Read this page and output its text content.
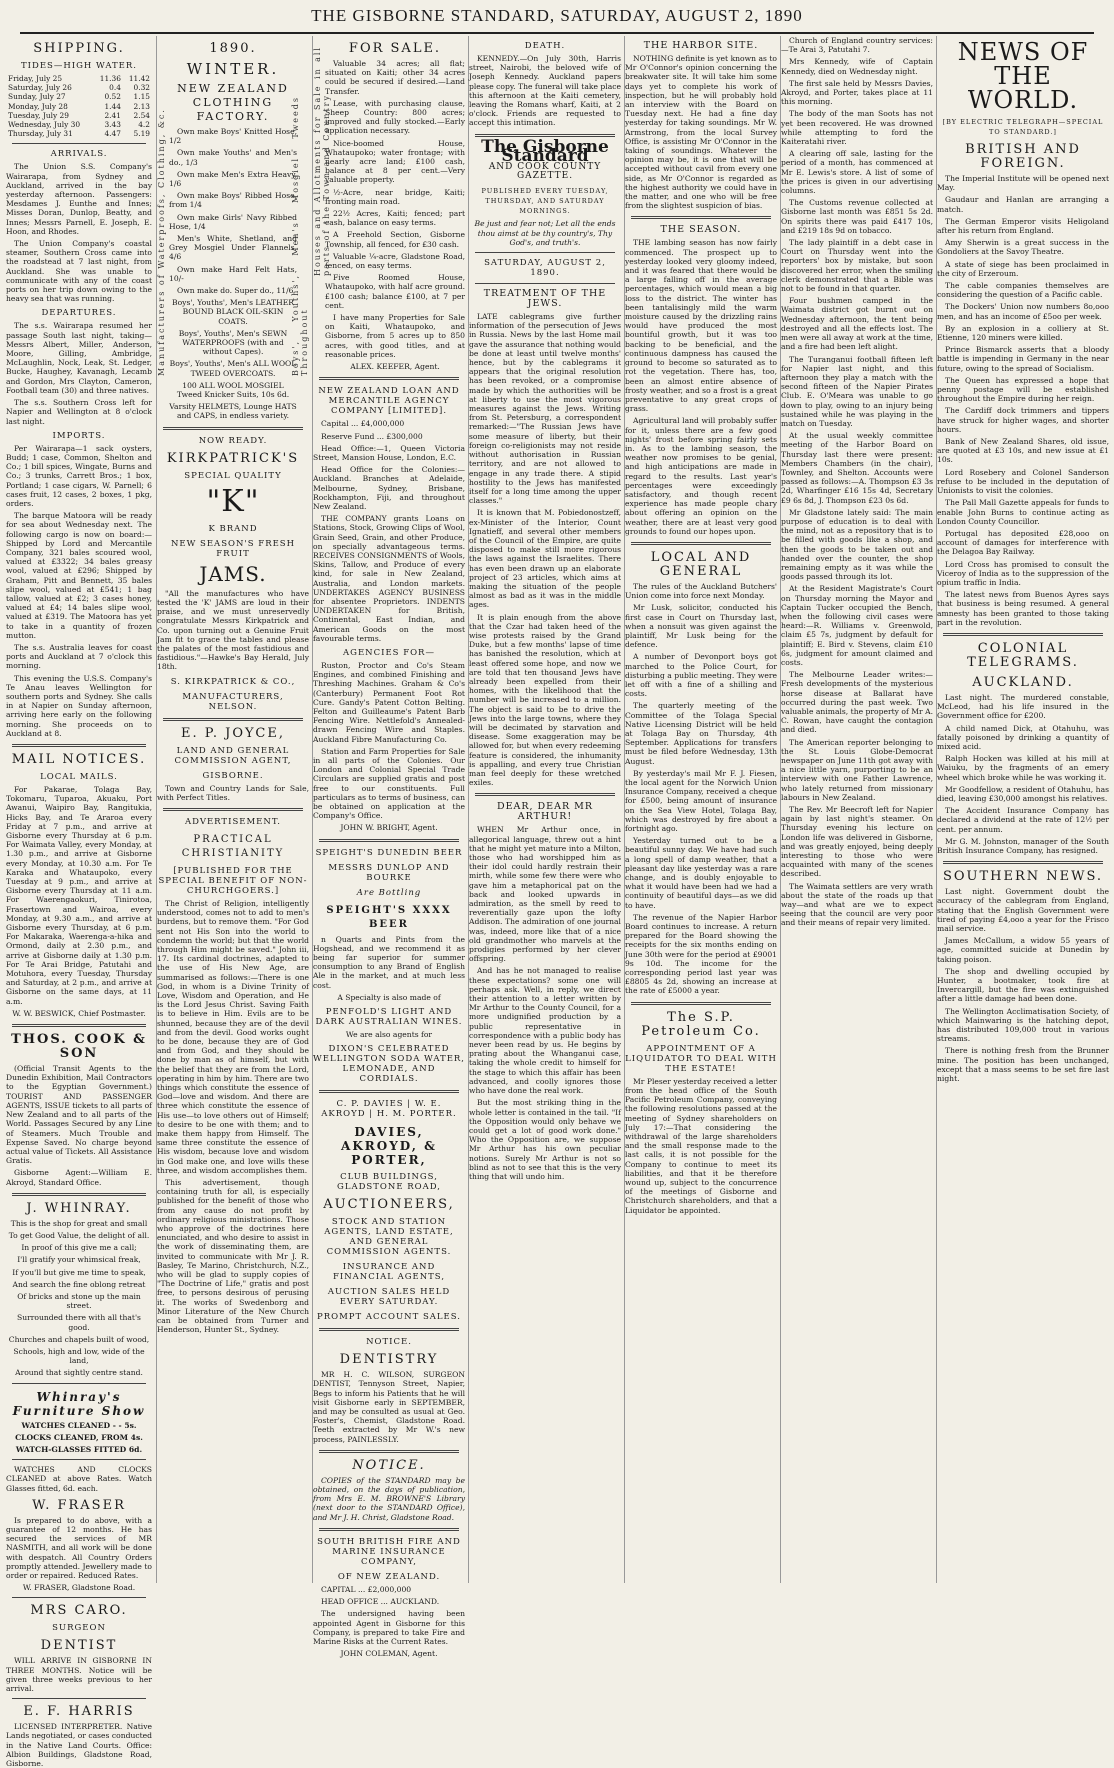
THE GISBORNE STANDARD, SATURDAY, AUGUST 2, 1890
SHIPPING.
TIDES—HIGH WATER.
Friday, July 25	11.36	11.42
Saturday, July 26	0.4	0.32
Sunday, July 27	0.52	1.15
Monday, July 28	1.44	2.13
Tuesday, July 29	2.41	2.54
Wednesday, July 30	3.43	4.2
Thursday, July 31	4.47	5.19
ARRIVALS.

The Union S.S. Company's Wairarapa, from Sydney and Auckland, arrived in the bay yesterday afternoon. Passengers: Mesdames J. Eunthe and Innes; Misses Doran, Dunlop, Beatty, and Innes; Messrs Parnell, E. Joseph, E. Hoon, and Rhodes.

The Union Company's coastal steamer, Southern Cross came into the roadstead at 7 last night, from Auckland. She was unable to communicate with any of the coast ports on her trip down owing to the heavy sea that was running.

DEPARTURES.

The s.s. Wairarapa resumed her passage South last night, taking—Messrs Albert, Miller, Anderson, Moore, Gilling, Ambridge, McLaughlin, Nock, Leak, St. Ledger, Bucke, Haughey, Kavanagh, Lecamb and Gordon, Mrs Clayton, Cameron, Football team (30) and three natives.

The s.s. Southern Cross left for Napier and Wellington at 8 o'clock last night.

IMPORTS.

Per Wairarapa—1 sack oysters, Budd; 1 case, Common, Shelton and Co.; 1 bill spices, Wingate, Burns and Co.; 3 trunks, Carrett Bros.; 1 box, Portland; 1 case cigars, W. Parnell; 6 cases fruit, 12 cases, 2 boxes, 1 pkg, orders.

The barque Matoora will be ready for sea about Wednesday next. The following cargo is now on board:—Shipped by Lord and Mercantile Company, 321 bales scoured wool, valued at £3322; 34 bales greasy wool, valued at £296; Shipped by Graham, Pitt and Bennett, 35 bales slipe wool, valued at £541; 1 bag tallow, valued at £2; 3 cases honey, valued at £4; 14 bales slipe wool, valued at £319. The Matoora has yet to take in a quantity of frozen mutton.

The s.s. Australia leaves for coast ports and Auckland at 7 o'clock this morning.

This evening the U.S.S. Company's Te Anau leaves Wellington for southern ports and Sydney. She calls in at Napier on Sunday afternoon, arriving here early on the following morning. She proceeds on to Auckland at 8.

MAIL NOTICES.
LOCAL MAILS.

For Pakarae, Tolaga Bay, Tokomaru, Tuparoa, Akuaku, Port Awanui, Waipiro Bay, Rangitukia, Hicks Bay, and Te Araroa every Friday at 7 p.m., and arrive at Gisborne every Thursday at 6 p.m. For Waimata Valley, every Monday, at 1.30 p.m., and arrive at Gisborne every Monday, at 10.30 a.m. For Te Karaka and Whataupoko, every Tuesday at 9 p.m., and arrive at Gisborne every Thursday at 11 a.m. For Waerengaokuri, Tinirotoa, Frasertown and Wairoa, every Monday, at 9.30 a.m., and arrive at Gisborne every Thursday, at 6 p.m. For Makaraka, Waerenga-a-hika and Ormond, daily at 2.30 p.m., and arrive at Gisborne daily at 1.30 p.m. For Te Arai Bridge, Patutahi and Motuhora, every Tuesday, Thursday and Saturday, at 2 p.m., and arrive at Gisborne on the same days, at 11 a.m.

W. W. BESWICK, Chief Postmaster.

THOS. COOK & SON

(Official Transit Agents to the Dunedin Exhibition, Mail Contractors to the Egyptian Government.) TOURIST AND PASSENGER AGENTS, ISSUE tickets to all parts of New Zealand and to all parts of the World. Passages Secured by any Line of Steamers. Much Trouble and Expense Saved. No charge beyond actual value of Tickets. All Assistance Gratis.

Gisborne Agent:—William E. Akroyd, Standard Office.

J. WHINRAY.

This is the shop for great and small

To get Good Value, the delight of all.

In proof of this give me a call;

I'll gratify your whimsical freak,

If you'll but give me time to speak,

And search the fine oblong retreat

Of bricks and stone up the main street.

Surrounded there with all that's good.

Churches and chapels built of wood,

Schools, high and low, wide of the land,

Around that sightly centre stand.

Whinray's Furniture Show

WATCHES CLEANED - - 5s.

CLOCKS CLEANED, FROM 4s.

WATCH-GLASSES FITTED 6d.

WATCHES AND CLOCKS CLEANED at above Rates. Watch Glasses fitted, 6d. each.

W. FRASER

Is prepared to do above, with a guarantee of 12 months. He has secured the services of MR NASMITH, and all work will be done with despatch. All Country Orders promptly attended. Jewellery made to order or repaired. Reduced Rates.

W. FRASER, Gladstone Road.

MRS CARO.
SURGEON
DENTIST

WILL ARRIVE IN GISBORNE IN THREE MONTHS. Notice will be given three weeks previous to her arrival.

E. F. HARRIS

LICENSED INTERPRETER. Native Lands negotiated, or cases conducted in the Native Land Courts. Office: Albion Buildings, Gladstone Road, Gisborne.

Manufacturers of Waterproofs, Clothing, &c.	Boys', Youths', Men's Mosgiel Tweeds Throughout
1890.
WINTER.
NEW ZEALAND CLOTHING FACTORY.

Own make Boys' Knitted Hose, 1/2

Own make Youths' and Men's do., 1/3

Own make Men's Extra Heavy, 1/6

Own make Boys' Ribbed Hose, from 1/4

Own make Girls' Navy Ribbed Hose, 1/4

Men's White, Shetland, and Grey Mosgiel Under Flannels, 4/6

Own make Hard Felt Hats, 10/-

Own make do. Super do., 11/6

Boys', Youths', Men's LEATHER BOUND BLACK OIL-SKIN COATS.

Boys', Youths', Men's SEWN WATERPROOFS (with and without Capes).

Boys', Youths', Men's ALL WOOL TWEED OVERCOATS.

100 ALL WOOL MOSGIEL Tweed Knicker Suits, 10s 6d.

Varsity HELMETS, Lounge HATS and CAPS, in endless variety.

NOW READY.
KIRKPATRICK'S
SPECIAL QUALITY
"K"
K BRAND
NEW SEASON'S FRESH FRUIT
JAMS.

"All the manufactures who have tested the 'K' JAMS are loud in their praise, and we must unreservedly congratulate Messrs Kirkpatrick and Co. upon turning out a Genuine Fruit Jam fit to grace the tables and please the palates of the most fastidious and fastidious."—Hawke's Bay Herald, July 18th.

S. KIRKPATRICK & CO.,
MANUFACTURERS, NELSON.
E. P. JOYCE,
LAND AND GENERAL COMMISSION AGENT,
GISBORNE.

Town and Country Lands for Sale, with Perfect Titles.

ADVERTISEMENT.
PRACTICAL CHRISTIANITY
[PUBLISHED FOR THE SPECIAL BENEFIT OF NON-CHURCHGOERS.]

The Christ of Religion, intelligently understood, comes not to add to men's burdens, but to remove them. "For God sent not His Son into the world to condemn the world; but that the world through Him might be saved." John iii, 17. Its cardinal doctrines, adapted to the use of His New Age, are summarised as follows:—There is one God, in whom is a Divine Trinity of Love, Wisdom and Operation, and He is the Lord Jesus Christ. Saving Faith is to believe in Him. Evils are to be shunned, because they are of the devil and from the devil. Good works ought to be done, because they are of God and from God, and they should be done by man as of himself, but with the belief that they are from the Lord, operating in him by him. There are two things which constitute the essence of God—love and wisdom. And there are three which constitute the essence of His use—to love others out of Himself; to desire to be one with them; and to make them happy from Himself. The same three constitute the essence of His wisdom, because love and wisdom in God make one, and love wills these three, and wisdom accomplishes them.

This advertisement, though containing truth for all, is especially published for the benefit of those who from any cause do not profit by ordinary religious ministrations. Those who approve of the doctrines here enunciated, and who desire to assist in the work of disseminating them, are invited to communicate with Mr J. R. Basley, Te Marino, Christchurch, N.Z., who will be glad to supply copies of "The Doctrine of Life," gratis and post free, to persons desirous of perusing it. The works of Swedenborg and Minor Literature of the New Church can be obtained from Turner and Henderson, Hunter St., Sydney.

Houses and Allotments for Sale in all parts of the Town and Country
FOR SALE.

Valuable 34 acres; all flat; situated on Kaiti; other 34 acres could be secured if desired.—Land Transfer.

Lease, with purchasing clause, Sheep Country: 800 acres; improved and fully stocked.—Early application necessary.

Nice-boomed House, Whataupoko; water frontage; with nearly acre land; £100 cash, balance at 8 per cent.—Very valuable property.

½-Acre, near bridge, Kaiti; fronting main road.

22½ Acres, Kaiti; fenced; part cash, balance on easy terms.

A Freehold Section, Gisborne Township, all fenced, for £30 cash.

Valuable ¼-acre, Gladstone Road, fenced, on easy terms.

Five Roomed House, Whataupoko, with half acre ground. £100 cash; balance £100, at 7 per cent.

I have many Properties for Sale on Kaiti, Whataupoko, and Gisborne, from 5 acres up to 850 acres, with good titles, and at reasonable prices.

ALEX. KEEFER, Agent.

NEW ZEALAND LOAN AND MERCANTILE AGENCY COMPANY [LIMITED].

Capital ... £4,000,000

Reserve Fund ... £300,000

Head Office:—1, Queen Victoria Street, Mansion House, London, E.C.

Head Office for the Colonies:—Auckland. Branches at Adelaide, Melbourne, Sydney, Brisbane, Rockhampton, Fiji, and throughout New Zealand.

THE COMPANY grants Loans on Stations, Stock, Growing Clips of Wool, Grain Seed, Grain, and other Produce, on specially advantageous terms. RECEIVES CONSIGNMENTS of Wools, Skins, Tallow, and Produce of every kind, for sale in New Zealand, Australia, and London markets. UNDERTAKES AGENCY BUSINESS for absentee Proprietors. INDENTS UNDERTAKEN for British, Continental, East Indian, and American Goods on the most favourable terms.

AGENCIES FOR—

Ruston, Proctor and Co's Steam Engines, and combined Finishing and Threshing Machines. Graham & Co's (Canterbury) Permanent Foot Rot Cure. Gandy's Patent Cotton Belting. Felton and Guilleaume's Patent Barb Fencing Wire. Nettlefold's Annealed-drawn Fencing Wire and Staples. Auckland Fibre Manufacturing Co.

Station and Farm Properties for Sale in all parts of the Colonies. Our London and Colonial Special Trade Circulars are supplied gratis and post free to our constituents. Full particulars as to terms of business, can be obtained on application at the Company's Office.

JOHN W. BRIGHT, Agent.

SPEIGHT'S DUNEDIN BEER
MESSRS DUNLOP AND BOURKE
Are Bottling
SPEIGHT'S XXXX BEER

n Quarts and Pints from the Hogshead, and we recommend it as being far superior for summer consumption to any Brand of English Ale in the market, and at much less cost.

A Specialty is also made of

PENFOLD'S LIGHT AND DARK AUSTRALIAN WINES.

We are also agents for

DIXON'S CELEBRATED WELLINGTON SODA WATER, LEMONADE, AND CORDIALS.
C. P. DAVIES | W. E. AKROYD | H. M. PORTER.
DAVIES, AKROYD, & PORTER,
CLUB BUILDINGS, GLADSTONE ROAD,
AUCTIONEERS,
STOCK AND STATION AGENTS, LAND ESTATE, AND GENERAL COMMISSION AGENTS.
INSURANCE AND FINANCIAL AGENTS,
AUCTION SALES HELD EVERY SATURDAY.
PROMPT ACCOUNT SALES.
NOTICE.
DENTISTRY

MR H. C. WILSON, SURGEON DENTIST, Tennyson Street, Napier, Begs to inform his Patients that he will visit Gisborne early in SEPTEMBER, and may be consulted as usual at Geo. Foster's, Chemist, Gladstone Road. Teeth extracted by Mr W.'s new process, PAINLESSLY.

NOTICE.

COPIES of the STANDARD may be obtained, on the days of publication, from Mrs E. M. BROWNE'S Library (next door to the STANDARD Office), and Mr J. H. Christ, Gladstone Road.

SOUTH BRITISH FIRE AND MARINE INSURANCE COMPANY,
OF NEW ZEALAND.

CAPITAL ... £2,000,000

HEAD OFFICE ... AUCKLAND.

The undersigned having been appointed Agent in Gisborne for this Company, is prepared to take Fire and Marine Risks at the Current Rates.

JOHN COLEMAN, Agent.

DEATH.

KENNEDY.—On July 30th, Harris street, Nairobi, the beloved wife of Joseph Kennedy. Auckland papers please copy. The funeral will take place this afternoon at the Kaiti cemetery, leaving the Romans wharf, Kaiti, at 2 o'clock. Friends are requested to accept this intimation.

The Gisborne Standard
AND COOK COUNTY GAZETTE.
PUBLISHED EVERY TUESDAY, THURSDAY, AND SATURDAY MORNINGS.

Be just and fear not; Let all the ends thou aimst at be thy country's, Thy God's, and truth's.

SATURDAY, AUGUST 2, 1890.
TREATMENT OF THE JEWS.

LATE cablegrams give further information of the persecution of Jews in Russia. News by the last Home mail gave the assurance that nothing would be done at least until twelve months' hence, but by the cablegrams it appears that the original resolution has been revoked, or a compromise made by which the authorities will be at liberty to use the most vigorous measures against the Jews. Writing from St. Petersburg, a correspondent remarked:—"The Russian Jews have some measure of liberty, but their foreign co-religionists may not reside without authorisation in Russian territory, and are not allowed to engage in any trade there. A stipid hostility to the Jews has manifested itself for a long time among the upper classes."

It is known that M. Pobiedonostzeff, ex-Minister of the Interior, Count Ignatieff, and several other members of the Council of the Empire, are quite disposed to make still more rigorous the laws against the Israelites. There has even been drawn up an elaborate project of 23 articles, which aims at making the situation of the people almost as bad as it was in the middle ages.

It is plain enough from the above that the Czar had taken heed of the wise protests raised by the Grand Duke, but a few months' lapse of time has banished the resolution, which at least offered some hope, and now we are told that ten thousand Jews have already been expelled from their homes, with the likelihood that the number will be increased to a million. The object is said to be to drive the Jews into the large towns, where they will be decimated by starvation and disease. Some exaggeration may be allowed for, but when every redeeming feature is considered, the inhumanity is appalling, and every true Christian man feel deeply for these wretched exiles.

DEAR, DEAR MR ARTHUR!

WHEN Mr Arthur once, in allegorical language, threw out a hint that he might yet mature into a Milton, those who had worshipped him as their idol could hardly restrain their mirth, while some few there were who gave him a metaphorical pat on the back and looked upwards in admiration, as the smell by reed to reverentially gaze upon the lofty Addison. The admiration of one journal was, indeed, more like that of a nice old grandmother who marvels at the prodigies performed by her clever offspring.

And has he not managed to realise these expectations? some one will perhaps ask. Well, in reply, we direct their attention to a letter written by Mr Arthur to the County Council, for a more undignified production by a public representative in correspondence with a public body has never been read by us. He begins by prating about the Whanganui case, taking the whole credit to himself for the stage to which this affair has been advanced, and coolly ignores those who have done the real work.

But the most striking thing in the whole letter is contained in the tail. "If the Opposition would only behave we could get a lot of good work done." Who the Opposition are, we suppose Mr Arthur has his own peculiar notions. Surely Mr Arthur is not so blind as not to see that this is the very thing that will undo him.

THE HARBOR SITE.

NOTHING definite is yet known as to Mr O'Connor's opinion concerning the breakwater site. It will take him some days yet to complete his work of inspection, but he will probably hold an interview with the Board on Tuesday next. He had a fine day yesterday for taking soundings. Mr W. Armstrong, from the local Survey Office, is assisting Mr O'Connor in the taking of soundings. Whatever the opinion may be, it is one that will be accepted without cavil from every one side, as Mr O'Connor is regarded as the highest authority we could have in the matter, and one who will be free from the slightest suspicion of bias.

THE SEASON.

THE lambing season has now fairly commenced. The prospect up to yesterday looked very gloomy indeed, and it was feared that there would be a large falling off in the average percentages, which would mean a big loss to the district. The winter has been tantalisingly mild the warm moisture caused by the drizzling rains would have produced the most bountiful growth, but it was too backing to be beneficial, and the continuous dampness has caused the ground to become so saturated as to rot the vegetation. There has, too, been an almost entire absence of frosty weather, and so a frost is a great preventative to any great crops of grass.

Agricultural land will probably suffer for it, unless there are a few good nights' frost before spring fairly sets in. As to the lambing season, the weather now promises to be genial, and high anticipations are made in regard to the results. Last year's percentages were exceedingly satisfactory, and though recent experience has made people chary about offering an opinion on the weather, there are at least very good grounds to found our hopes upon.

LOCAL AND GENERAL

The rules of the Auckland Butchers' Union come into force next Monday.

Mr Lusk, solicitor, conducted his first case in Court on Thursday last, when a nonsuit was given against the plaintiff, Mr Lusk being for the defence.

A number of Devonport boys got marched to the Police Court, for disturbing a public meeting. They were let off with a fine of a shilling and costs.

The quarterly meeting of the Committee of the Tolaga Special Native Licensing District will be held at Tolaga Bay on Thursday, 4th September. Applications for transfers must be filed before Wednesday, 13th August.

By yesterday's mail Mr F. J. Fiesen, the local agent for the Norwich Union Insurance Company, received a cheque for £500, being amount of insurance on the Sea View Hotel, Tolaga Bay, which was destroyed by fire about a fortnight ago.

Yesterday turned out to be a beautiful sunny day. We have had such a long spell of damp weather, that a pleasant day like yesterday was a rare change, and is doubly enjoyable to what it would have been had we had a continuity of beautiful days—as we did to have.

The revenue of the Napier Harbor Board continues to increase. A return prepared for the Board showing the receipts for the six months ending on June 30th were for the period at £9001 9s 10d. The income for the corresponding period last year was £8805 4s 2d, showing an increase at the rate of £5000 a year.

The S.P. Petroleum Co.
APPOINTMENT OF A LIQUIDATOR TO DEAL WITH THE ESTATE!

Mr Pleser yesterday received a letter from the head office of the South Pacific Petroleum Company, conveying the following resolutions passed at the meeting of Sydney shareholders on July 17:—That considering the withdrawal of the large shareholders and the small response made to the last calls, it is not possible for the Company to continue to meet its liabilities, and that it be therefore wound up, subject to the concurrence of the meetings of Gisborne and Christchurch shareholders, and that a Liquidator be appointed.

Church of England country services:—Te Arai 3, Patutahi 7.

Mrs Kennedy, wife of Captain Kennedy, died on Wednesday night.

The first sale held by Messrs Davies, Akroyd, and Porter, takes place at 11 this morning.

The body of the man Soots has not yet been recovered. He was drowned while attempting to ford the Kaiteratahi river.

A clearing off sale, lasting for the period of a month, has commenced at Mr E. Lewis's store. A list of some of the prices is given in our advertising columns.

The Customs revenue collected at Gisborne last month was £851 5s 2d. On spirits there was paid £417 10s, and £219 18s 9d on tobacco.

The lady plaintiff in a debt case in Court on Thursday went into the reporters' box by mistake, but soon discovered her error, when the smiling clerk demonstrated that a Bible was not to be found in that quarter.

Four bushmen camped in the Waimata district got burnt out on Wednesday afternoon, the tent being destroyed and all the effects lost. The men were all away at work at the time, and a fire had been left alight.

The Turanganui football fifteen left for Napier last night, and this afternoon they play a match with the second fifteen of the Napier Pirates Club. E. O'Meara was unable to go down to play, owing to an injury being sustained while he was playing in the match on Tuesday.

At the usual weekly committee meeting of the Harbor Board on Thursday last there were present: Members Chambers (in the chair), Townley, and Shelton. Accounts were passed as follows:—A. Thompson £3 3s 2d, Wharfinger £16 15s 4d, Secretary £9 6s 8d, J. Thompson £23 0s 6d.

Mr Gladstone lately said: The main purpose of education is to deal with the mind, not as a repository that is to be filled with goods like a shop, and then the goods to be taken out and handed over the counter, the shop remaining empty as it was while the goods passed through its lot.

At the Resident Magistrate's Court on Thursday morning the Mayor and Captain Tucker occupied the Bench, when the following civil cases were heard:—R. Williams v. Greenwold, claim £5 7s, judgment by default for plaintiff; E. Bird v. Stevens, claim £10 6s, judgment for amount claimed and costs.

The Melbourne Leader writes:—Fresh developments of the mysterious horse disease at Ballarat have occurred during the past week. Two valuable animals, the property of Mr A. C. Rowan, have caught the contagion and died.

The American reporter belonging to the St. Louis Globe-Democrat newspaper on June 11th got away with a nice little yarn, purporting to be an interview with one Father Lawrence, who lately returned from missionary labours in New Zealand.

The Rev. Mr Beecroft left for Napier again by last night's steamer. On Thursday evening his lecture on London life was delivered in Gisborne, and was greatly enjoyed, being deeply interesting to those who were acquainted with many of the scenes described.

The Waimata settlers are very wrath about the state of the roads up that way—and what are we to expect seeing that the council are very poor and their means of repair very limited.

NEWS OF THE WORLD.
[BY ELECTRIC TELEGRAPH—SPECIAL TO STANDARD.]
BRITISH AND FOREIGN.

The Imperial Institute will be opened next May.

Gaudaur and Hanlan are arranging a match.

The German Emperor visits Heligoland after his return from England.

Amy Sherwin is a great success in the Gondoliers at the Savoy Theatre.

A state of siege has been proclaimed in the city of Erzeroum.

The cable companies themselves are considering the question of a Pacific cable.

The Dockers' Union now numbers 8o,ooo men, and has an income of £5oo per week.

By an explosion in a colliery at St. Etienne, 120 miners were killed.

Prince Bismarck asserts that a bloody battle is impending in Germany in the near future, owing to the spread of Socialism.

The Queen has expressed a hope that penny postage will be established throughout the Empire during her reign.

The Cardiff dock trimmers and tippers have struck for higher wages, and shorter hours.

Bank of New Zealand Shares, old issue, are quoted at £3 10s, and new issue at £1 10s.

Lord Rosebery and Colonel Sanderson refuse to be included in the deputation of Unionists to visit the colonies.

The Pall Mall Gazette appeals for funds to enable John Burns to continue acting as London County Councillor.

Portugal has deposited £28,ooo on account of damages for interference with the Delagoa Bay Railway.

Lord Cross has promised to consult the Viceroy of India as to the suppression of the opium traffic in India.

The latest news from Buenos Ayres says that business is being resumed. A general amnesty has been granted to those taking part in the revolution.

COLONIAL TELEGRAMS.
AUCKLAND.

Last night. The murdered constable, McLeod, had his life insured in the Government office for £200.

A child named Dick, at Otahuhu, was fatally poisoned by drinking a quantity of mixed acid.

Ralph Hocken was killed at his mill at Waiuku, by the fragments of an emery wheel which broke while he was working it.

Mr Goodfellow, a resident of Otahuhu, has died, leaving £30,000 amongst his relatives.

The Accident Insurance Company has declared a dividend at the rate of 12½ per cent. per annum.

Mr G. M. Johnston, manager of the South British Insurance Company, has resigned.

SOUTHERN NEWS.

Last night. Government doubt the accuracy of the cablegram from England, stating that the English Government were tired of paying £4,ooo a year for the Frisco mail service.

James McCallum, a widow 55 years of age, committed suicide at Dunedin by taking poison.

The shop and dwelling occupied by Hunter, a bootmaker, took fire at Invercargill, but the fire was extinguished after a little damage had been done.

The Wellington Acclimatisation Society, of which Mainwaring is the hatching depot, has distributed 109,000 trout in various streams.

There is nothing fresh from the Brunner mine. The position has been unchanged, except that a mass seems to be set fire last night.
